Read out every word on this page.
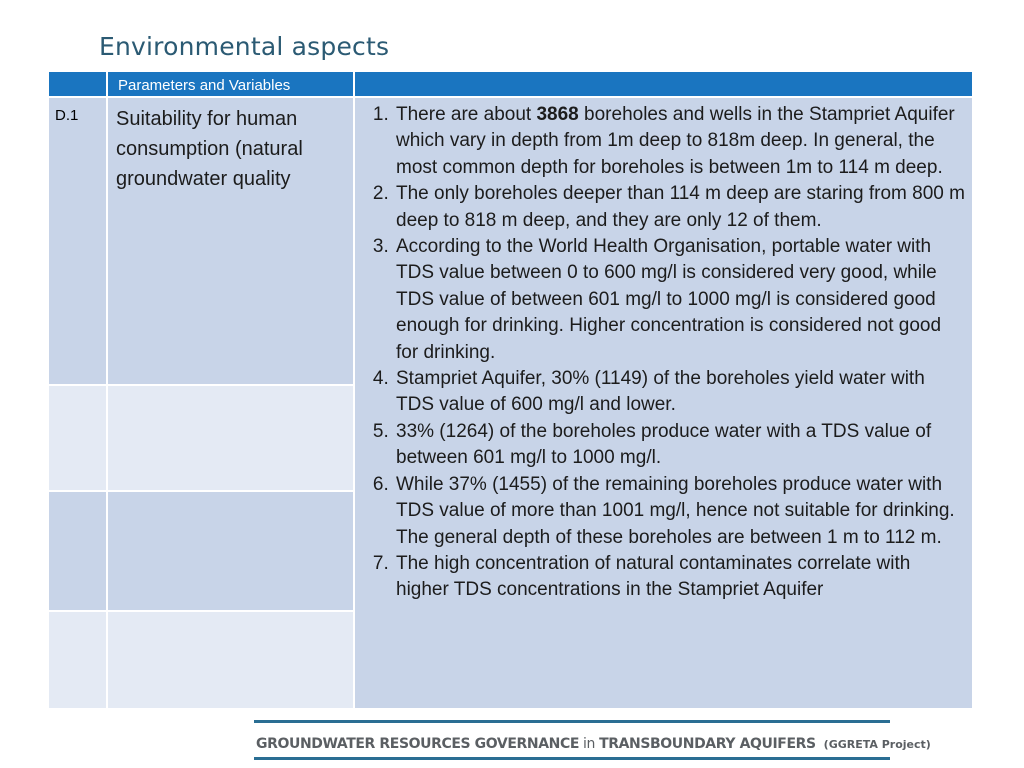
Environmental aspects
Parameters and Variables
D.1	Suitability for human consumption (natural groundwater quality
1. There are about 3868 boreholes and wells in the Stampriet Aquifer which vary in depth from 1m deep to 818m deep. In general, the most common depth for boreholes is between 1m to 114 m deep.
2. The only boreholes deeper than 114 m deep are staring from 800 m deep to 818 m deep, and they are only 12 of them.
3. According to the World Health Organisation, portable water with TDS value between 0 to 600 mg/l is considered very good, while TDS value of between 601 mg/l to 1000 mg/l is considered good enough for drinking. Higher concentration is considered not good for drinking.
4. Stampriet Aquifer, 30% (1149) of the boreholes yield water with TDS value of 600 mg/l and lower.
5. 33% (1264) of the boreholes produce water with a TDS value of between 601 mg/l to 1000 mg/l.
6. While 37% (1455) of the remaining boreholes produce water with TDS value of more than 1001 mg/l, hence not suitable for drinking. The general depth of these boreholes are between 1 m to 112 m.
7. The high concentration of natural contaminates correlate with higher TDS concentrations in the Stampriet Aquifer
GROUNDWATER RESOURCES GOVERNANCE in TRANSBOUNDARY AQUIFERS (GGRETA Project)
